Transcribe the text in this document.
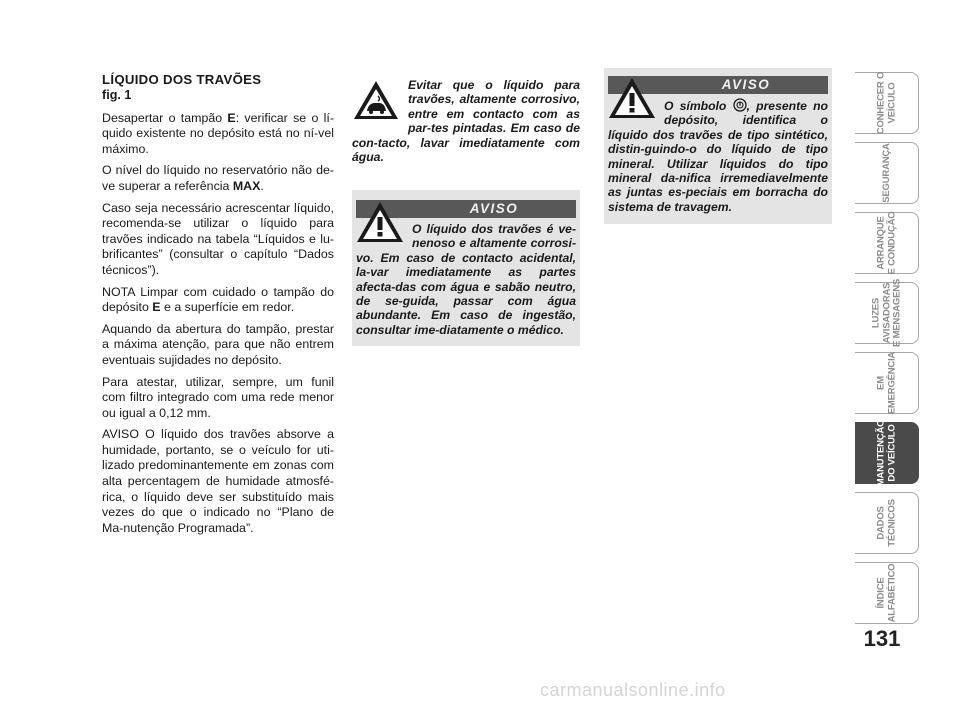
LÍQUIDO DOS TRAVÕES
fig. 1

Desapertar o tampão E: verificar se o lí-quido existente no depósito está no ní-vel máximo.

O nível do líquido no reservatório não de-ve superar a referência MAX.

Caso seja necessário acrescentar líquido, recomenda-se utilizar o líquido para travões indicado na tabela “Líquidos e lu-brificantes” (consultar o capítulo “Dados técnicos”).

NOTA Limpar com cuidado o tampão do depósito E e a superfície em redor.

Aquando da abertura do tampão, prestar a máxima atenção, para que não entrem eventuais sujidades no depósito.

Para atestar, utilizar, sempre, um funil com filtro integrado com uma rede menor ou igual a 0,12 mm.

AVISO O líquido dos travões absorve a humidade, portanto, se o veículo for uti-lizado predominantemente em zonas com alta percentagem de humidade atmosfé-rica, o líquido deve ser substituído mais vezes do que o indicado no “Plano de Ma-nutenção Programada”.

Evitar que o líquido para travões, altamente corrosivo, entre em contacto com as par-tes pintadas. Em caso de con-tacto, lavar imediatamente com água.

AVISO

O líquido dos travões é ve-nenoso e altamente corrosi-vo. Em caso de contacto acidental, la-var imediatamente as partes afecta-das com água e sabão neutro, de se-guida, passar com água abundante. Em caso de ingestão, consultar ime-diatamente o médico.

AVISO

O símbolo , presente no depósito, identifica o líquido dos travões de tipo sintético, distin-guindo-o do líquido de tipo mineral. Utilizar líquidos do tipo mineral da-nifica irremediavelmente as juntas es-peciais em borracha do sistema de travagem.

CONHECER O
VEÍCULO
SEGURANÇA
ARRANQUE
E CONDUÇÃO
LUZES
AVISADORAS
E MENSAGENS
EM
EMERGÊNCIA
MANUTENÇÃO
DO VEÍCULO
DADOS
TÉCNICOS
ÍNDICE
ALFABÉTICO
131
carmanualsonline.info
